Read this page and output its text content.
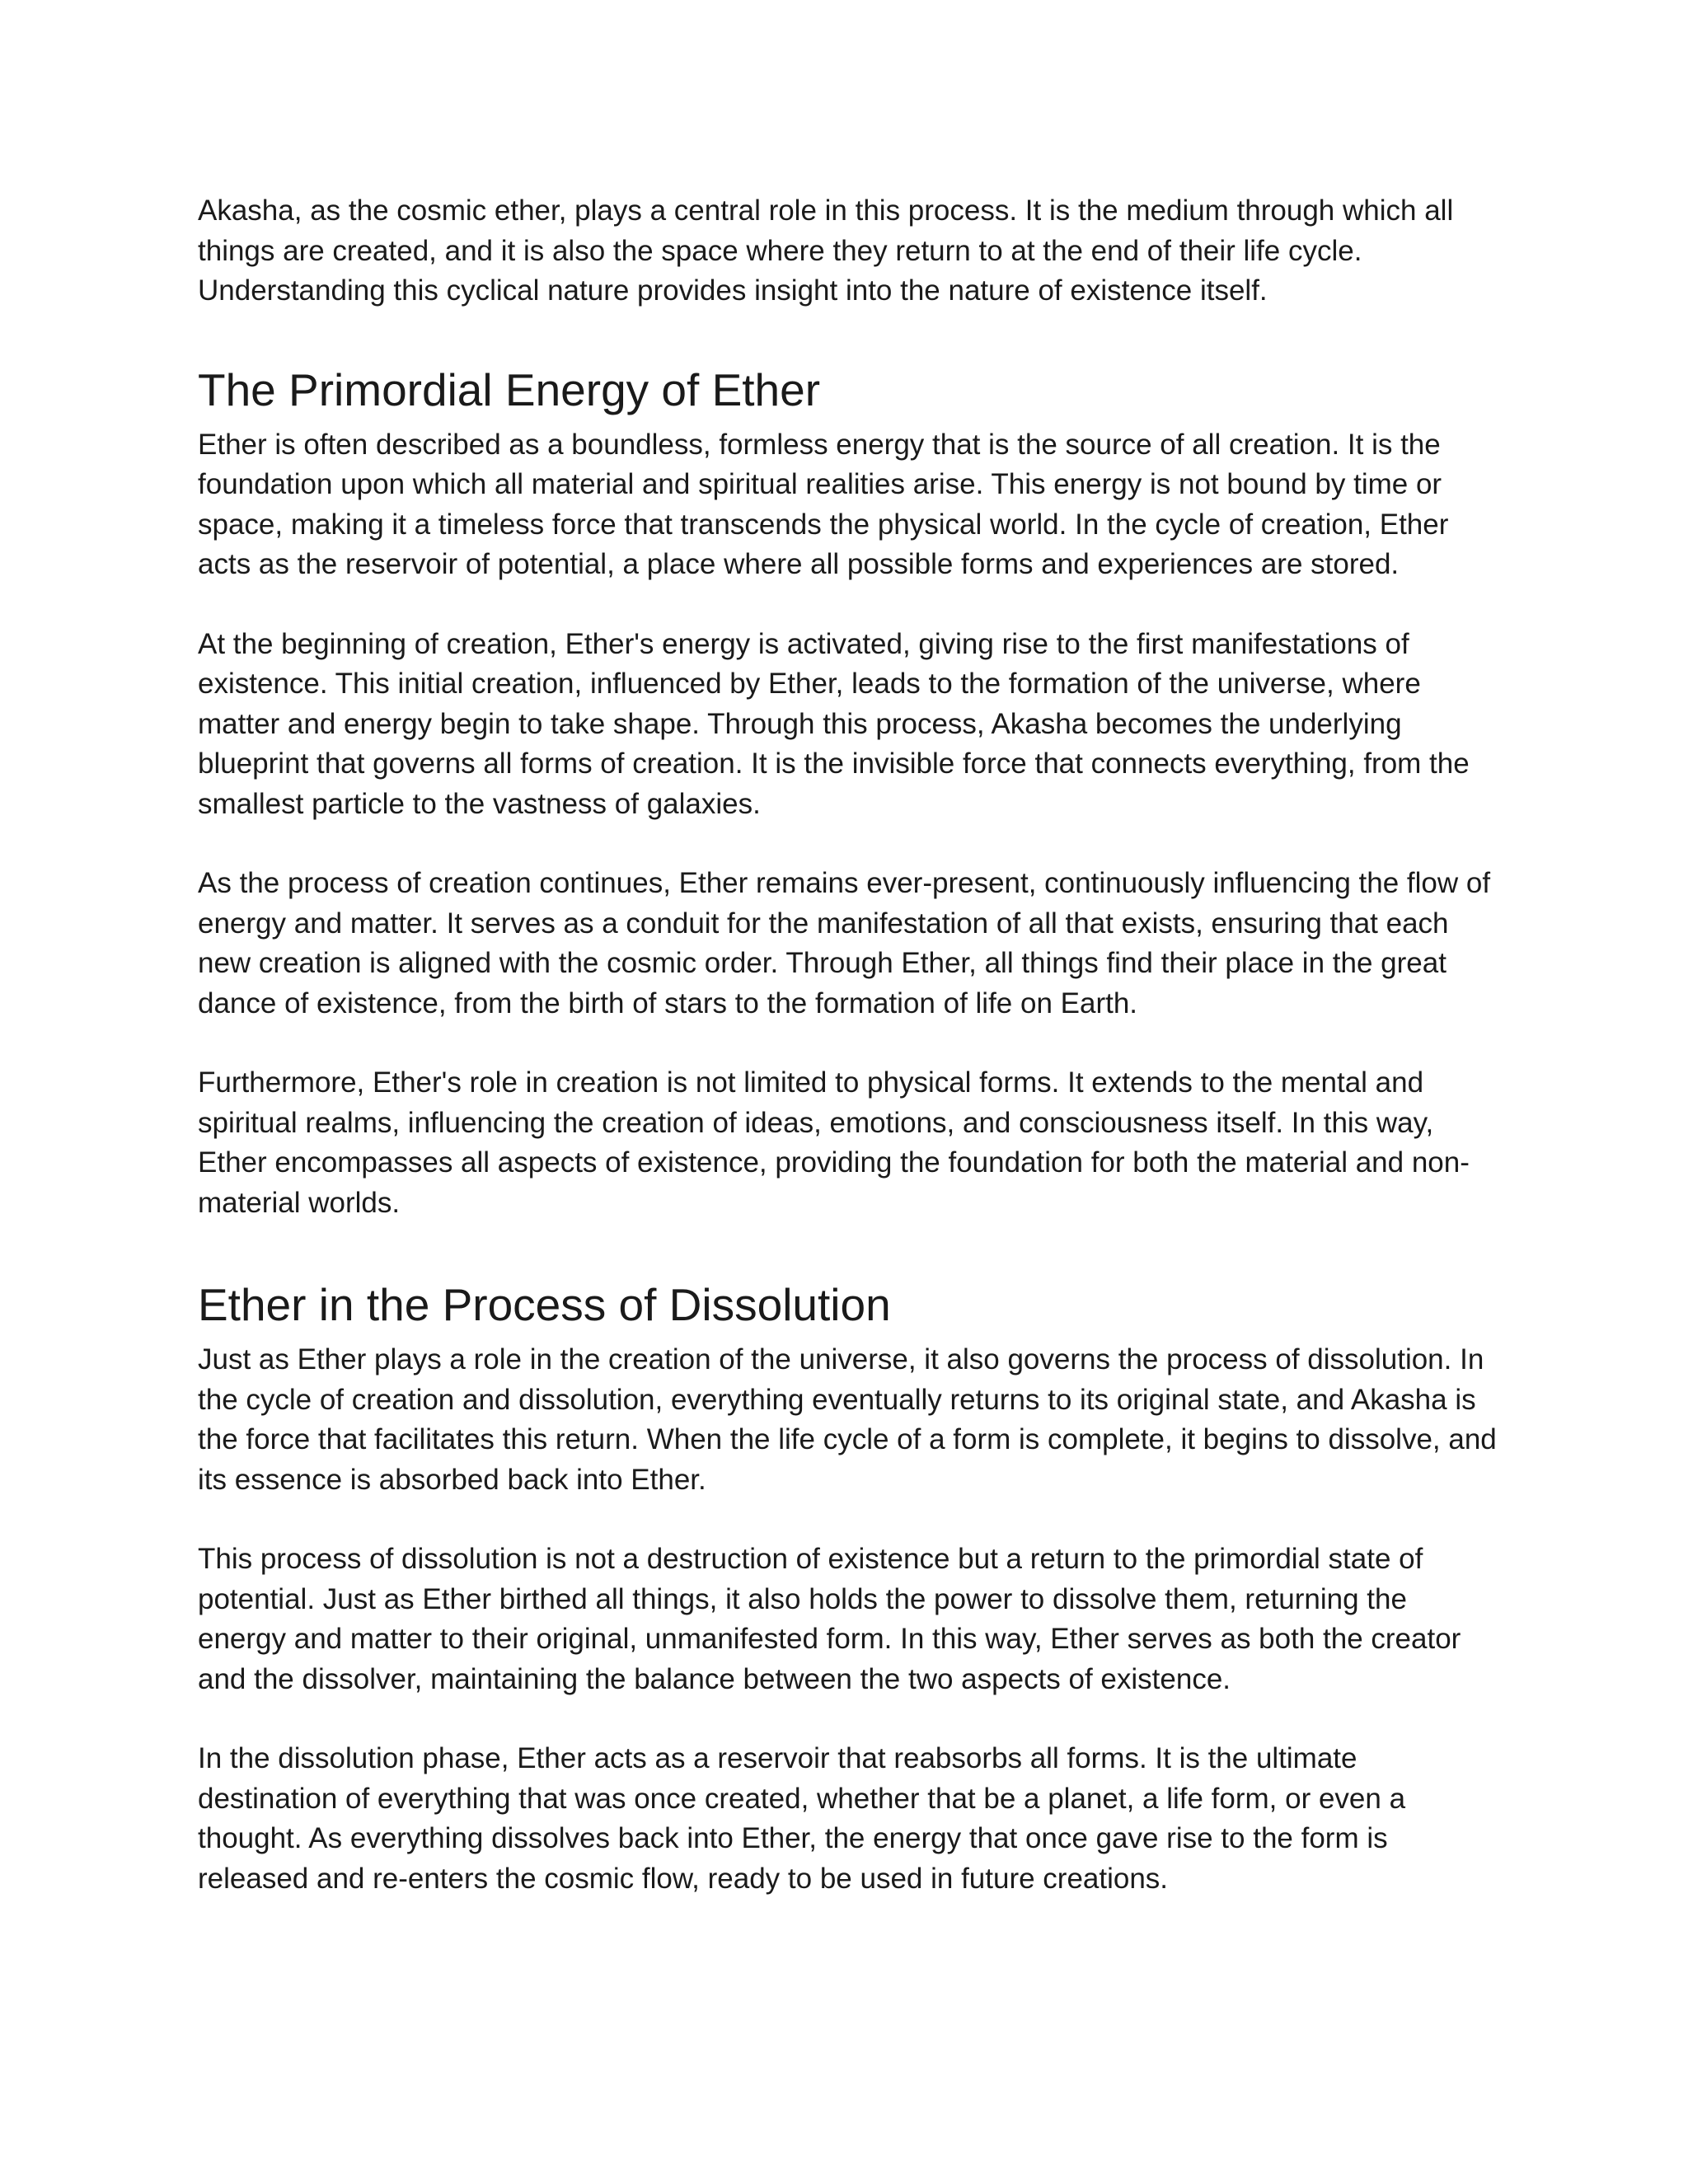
Akasha, as the cosmic ether, plays a central role in this process. It is the medium through which all things are created, and it is also the space where they return to at the end of their life cycle. Understanding this cyclical nature provides insight into the nature of existence itself.

The Primordial Energy of Ether

Ether is often described as a boundless, formless energy that is the source of all creation. It is the foundation upon which all material and spiritual realities arise. This energy is not bound by time or space, making it a timeless force that transcends the physical world. In the cycle of creation, Ether acts as the reservoir of potential, a place where all possible forms and experiences are stored.

At the beginning of creation, Ether's energy is activated, giving rise to the first manifestations of existence. This initial creation, influenced by Ether, leads to the formation of the universe, where matter and energy begin to take shape. Through this process, Akasha becomes the underlying blueprint that governs all forms of creation. It is the invisible force that connects everything, from the smallest particle to the vastness of galaxies.

As the process of creation continues, Ether remains ever-present, continuously influencing the flow of energy and matter. It serves as a conduit for the manifestation of all that exists, ensuring that each new creation is aligned with the cosmic order. Through Ether, all things find their place in the great dance of existence, from the birth of stars to the formation of life on Earth.

Furthermore, Ether's role in creation is not limited to physical forms. It extends to the mental and spiritual realms, influencing the creation of ideas, emotions, and consciousness itself. In this way, Ether encompasses all aspects of existence, providing the foundation for both the material and non-material worlds.

Ether in the Process of Dissolution

Just as Ether plays a role in the creation of the universe, it also governs the process of dissolution. In the cycle of creation and dissolution, everything eventually returns to its original state, and Akasha is the force that facilitates this return. When the life cycle of a form is complete, it begins to dissolve, and its essence is absorbed back into Ether.

This process of dissolution is not a destruction of existence but a return to the primordial state of potential. Just as Ether birthed all things, it also holds the power to dissolve them, returning the energy and matter to their original, unmanifested form. In this way, Ether serves as both the creator and the dissolver, maintaining the balance between the two aspects of existence.

In the dissolution phase, Ether acts as a reservoir that reabsorbs all forms. It is the ultimate destination of everything that was once created, whether that be a planet, a life form, or even a thought. As everything dissolves back into Ether, the energy that once gave rise to the form is released and re-enters the cosmic flow, ready to be used in future creations.
